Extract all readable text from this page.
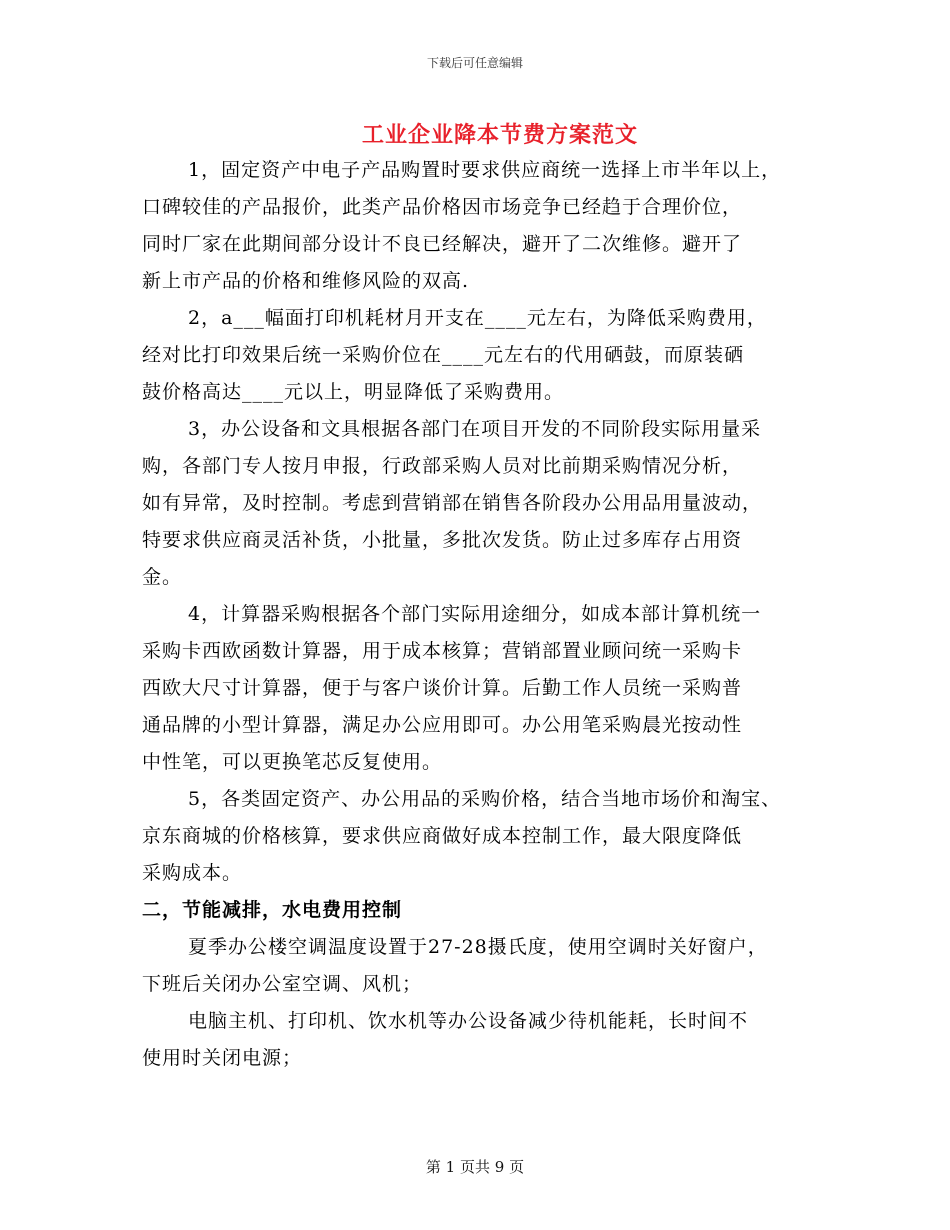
下载后可任意编辑
工业企业降本节费方案范文
1，固定资产中电子产品购置时要求供应商统一选择上市半年以上，
口碑较佳的产品报价，此类产品价格因市场竞争已经趋于合理价位，
同时厂家在此期间部分设计不良已经解决，避开了二次维修。避开了
新上市产品的价格和维修风险的双高.
2，a___幅面打印机耗材月开支在____元左右，为降低采购费用，
经对比打印效果后统一采购价位在____元左右的代用硒鼓，而原装硒
鼓价格高达____元以上，明显降低了采购费用。
3，办公设备和文具根据各部门在项目开发的不同阶段实际用量采
购，各部门专人按月申报，行政部采购人员对比前期采购情况分析，
如有异常，及时控制。考虑到营销部在销售各阶段办公用品用量波动，
特要求供应商灵活补货，小批量，多批次发货。防止过多库存占用资
金。
4，计算器采购根据各个部门实际用途细分，如成本部计算机统一
采购卡西欧函数计算器，用于成本核算；营销部置业顾问统一采购卡
西欧大尺寸计算器，便于与客户谈价计算。后勤工作人员统一采购普
通品牌的小型计算器，满足办公应用即可。办公用笔采购晨光按动性
中性笔，可以更换笔芯反复使用。
5，各类固定资产、办公用品的采购价格，结合当地市场价和淘宝、
京东商城的价格核算，要求供应商做好成本控制工作，最大限度降低
采购成本。
二，节能减排，水电费用控制
夏季办公楼空调温度设置于27-28摄氏度，使用空调时关好窗户，
下班后关闭办公室空调、风机；
电脑主机、打印机、饮水机等办公设备减少待机能耗，长时间不
使用时关闭电源；
第 1 页共 9 页
